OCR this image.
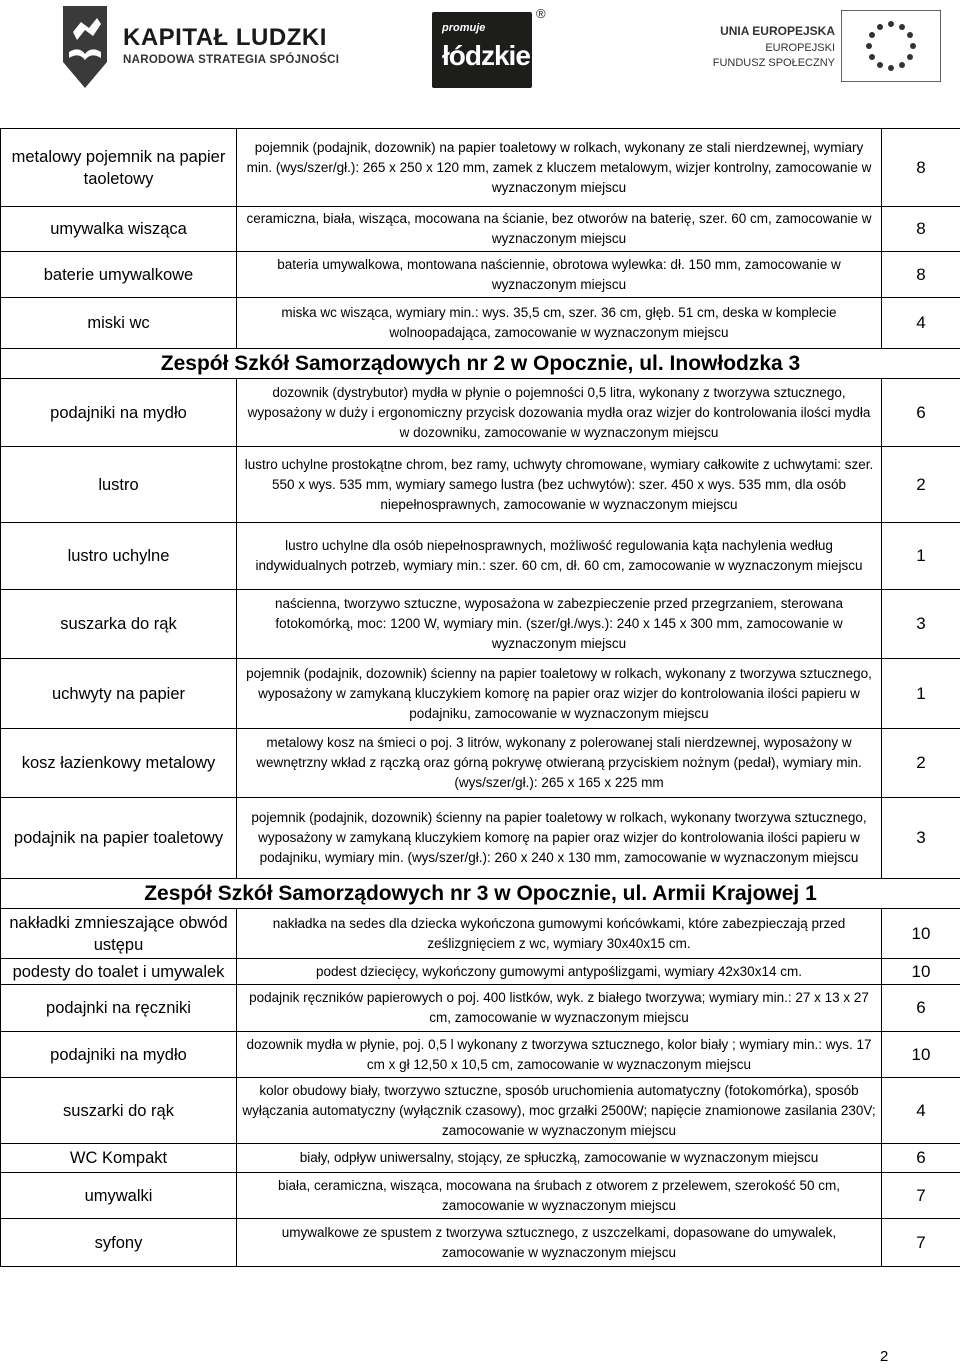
KAPITAŁ LUDZKI
NARODOWA STRATEGIA SPÓJNOŚCI
promuje
łódzkie
®
UNIA EUROPEJSKA
EUROPEJSKI
FUNDUSZ SPOŁECZNY
metalowy pojemnik na papier taoletowy	pojemnik (podajnik, dozownik) na papier toaletowy w rolkach, wykonany ze stali nierdzewnej, wymiary min. (wys/szer/gł.): 265 x 250 x 120 mm, zamek z kluczem metalowym, wizjer kontrolny, zamocowanie w wyznaczonym miejscu	8
umywalka wisząca	ceramiczna, biała, wisząca, mocowana na ścianie, bez otworów na baterię, szer. 60 cm, zamocowanie w wyznaczonym miejscu	8
baterie umywalkowe	bateria umywalkowa, montowana naściennie, obrotowa wylewka: dł. 150 mm, zamocowanie w wyznaczonym miejscu	8
miski wc	miska wc wisząca, wymiary min.: wys. 35,5 cm, szer. 36 cm, głęb. 51 cm, deska w komplecie wolnoopadająca, zamocowanie w wyznaczonym miejscu	4
Zespół Szkół Samorządowych nr 2 w Opocznie, ul. Inowłodzka 3		
podajniki na mydło	dozownik (dystrybutor) mydła w płynie o pojemności 0,5 litra, wykonany z tworzywa sztucznego, wyposażony w duży i ergonomiczny przycisk dozowania mydła oraz wizjer do kontrolowania ilości mydła w dozowniku, zamocowanie w wyznaczonym miejscu	6
lustro	lustro uchylne prostokątne chrom, bez ramy, uchwyty chromowane, wymiary całkowite z uchwytami: szer. 550 x wys. 535 mm, wymiary samego lustra (bez uchwytów): szer. 450 x wys. 535 mm, dla osób niepełnosprawnych, zamocowanie w wyznaczonym miejscu	2
lustro uchylne	lustro uchylne dla osób niepełnosprawnych, możliwość regulowania kąta nachylenia według indywidualnych potrzeb, wymiary min.: szer. 60 cm, dł. 60 cm, zamocowanie w wyznaczonym miejscu	1
suszarka do rąk	naścienna, tworzywo sztuczne, wyposażona w zabezpieczenie przed przegrzaniem, sterowana fotokomórką, moc: 1200 W, wymiary min. (szer/gł./wys.): 240 x 145 x 300 mm, zamocowanie w wyznaczonym miejscu	3
uchwyty na papier	pojemnik (podajnik, dozownik) ścienny na papier toaletowy w rolkach, wykonany z tworzywa sztucznego, wyposażony w zamykaną kluczykiem komorę na papier oraz wizjer do kontrolowania ilości papieru w podajniku, zamocowanie w wyznaczonym miejscu	1
kosz łazienkowy metalowy	metalowy kosz na śmieci o poj. 3 litrów, wykonany z polerowanej stali nierdzewnej, wyposażony w wewnętrzny wkład z rączką oraz górną pokrywę otwieraną przyciskiem nożnym (pedał), wymiary min. (wys/szer/gł.): 265 x 165 x 225 mm	2
podajnik na papier toaletowy	pojemnik (podajnik, dozownik) ścienny na papier toaletowy w rolkach, wykonany tworzywa sztucznego, wyposażony w zamykaną kluczykiem komorę na papier oraz wizjer do kontrolowania ilości papieru w podajniku, wymiary min. (wys/szer/gł.): 260 x 240 x 130 mm, zamocowanie w wyznaczonym miejscu	3
Zespół Szkół Samorządowych nr 3 w Opocznie, ul. Armii Krajowej 1		
nakładki zmnieszające obwód ustępu	nakładka na sedes dla dziecka wykończona gumowymi końcówkami, które zabezpieczają przed ześlizgnięciem z wc, wymiary 30x40x15 cm.	10
podesty do toalet i umywalek	podest dziecięcy, wykończony gumowymi antypoślizgami, wymiary 42x30x14 cm.	10
podajnki na ręczniki	podajnik ręczników papierowych o poj. 400 listków, wyk. z białego tworzywa; wymiary min.: 27 x 13 x 27 cm, zamocowanie w wyznaczonym miejscu	6
podajniki na mydło	dozownik mydła w płynie, poj. 0,5 l wykonany z tworzywa sztucznego, kolor biały ; wymiary min.: wys. 17 cm x gł 12,50 x 10,5 cm, zamocowanie w wyznaczonym miejscu	10
suszarki do rąk	kolor obudowy biały, tworzywo sztuczne, sposób uruchomienia automatyczny (fotokomórka), sposób wyłączania automatyczny (wyłącznik czasowy), moc grzałki 2500W; napięcie znamionowe zasilania 230V; zamocowanie w wyznaczonym miejscu	4
WC Kompakt	biały, odpływ uniwersalny, stojący, ze spłuczką, zamocowanie w wyznaczonym miejscu	6
umywalki	biała, ceramiczna, wisząca, mocowana na śrubach z otworem z przelewem, szerokość 50 cm, zamocowanie w wyznaczonym miejscu	7
syfony	umywalkowe ze spustem z tworzywa sztucznego, z uszczelkami, dopasowane do umywalek, zamocowanie w wyznaczonym miejscu	7
2
